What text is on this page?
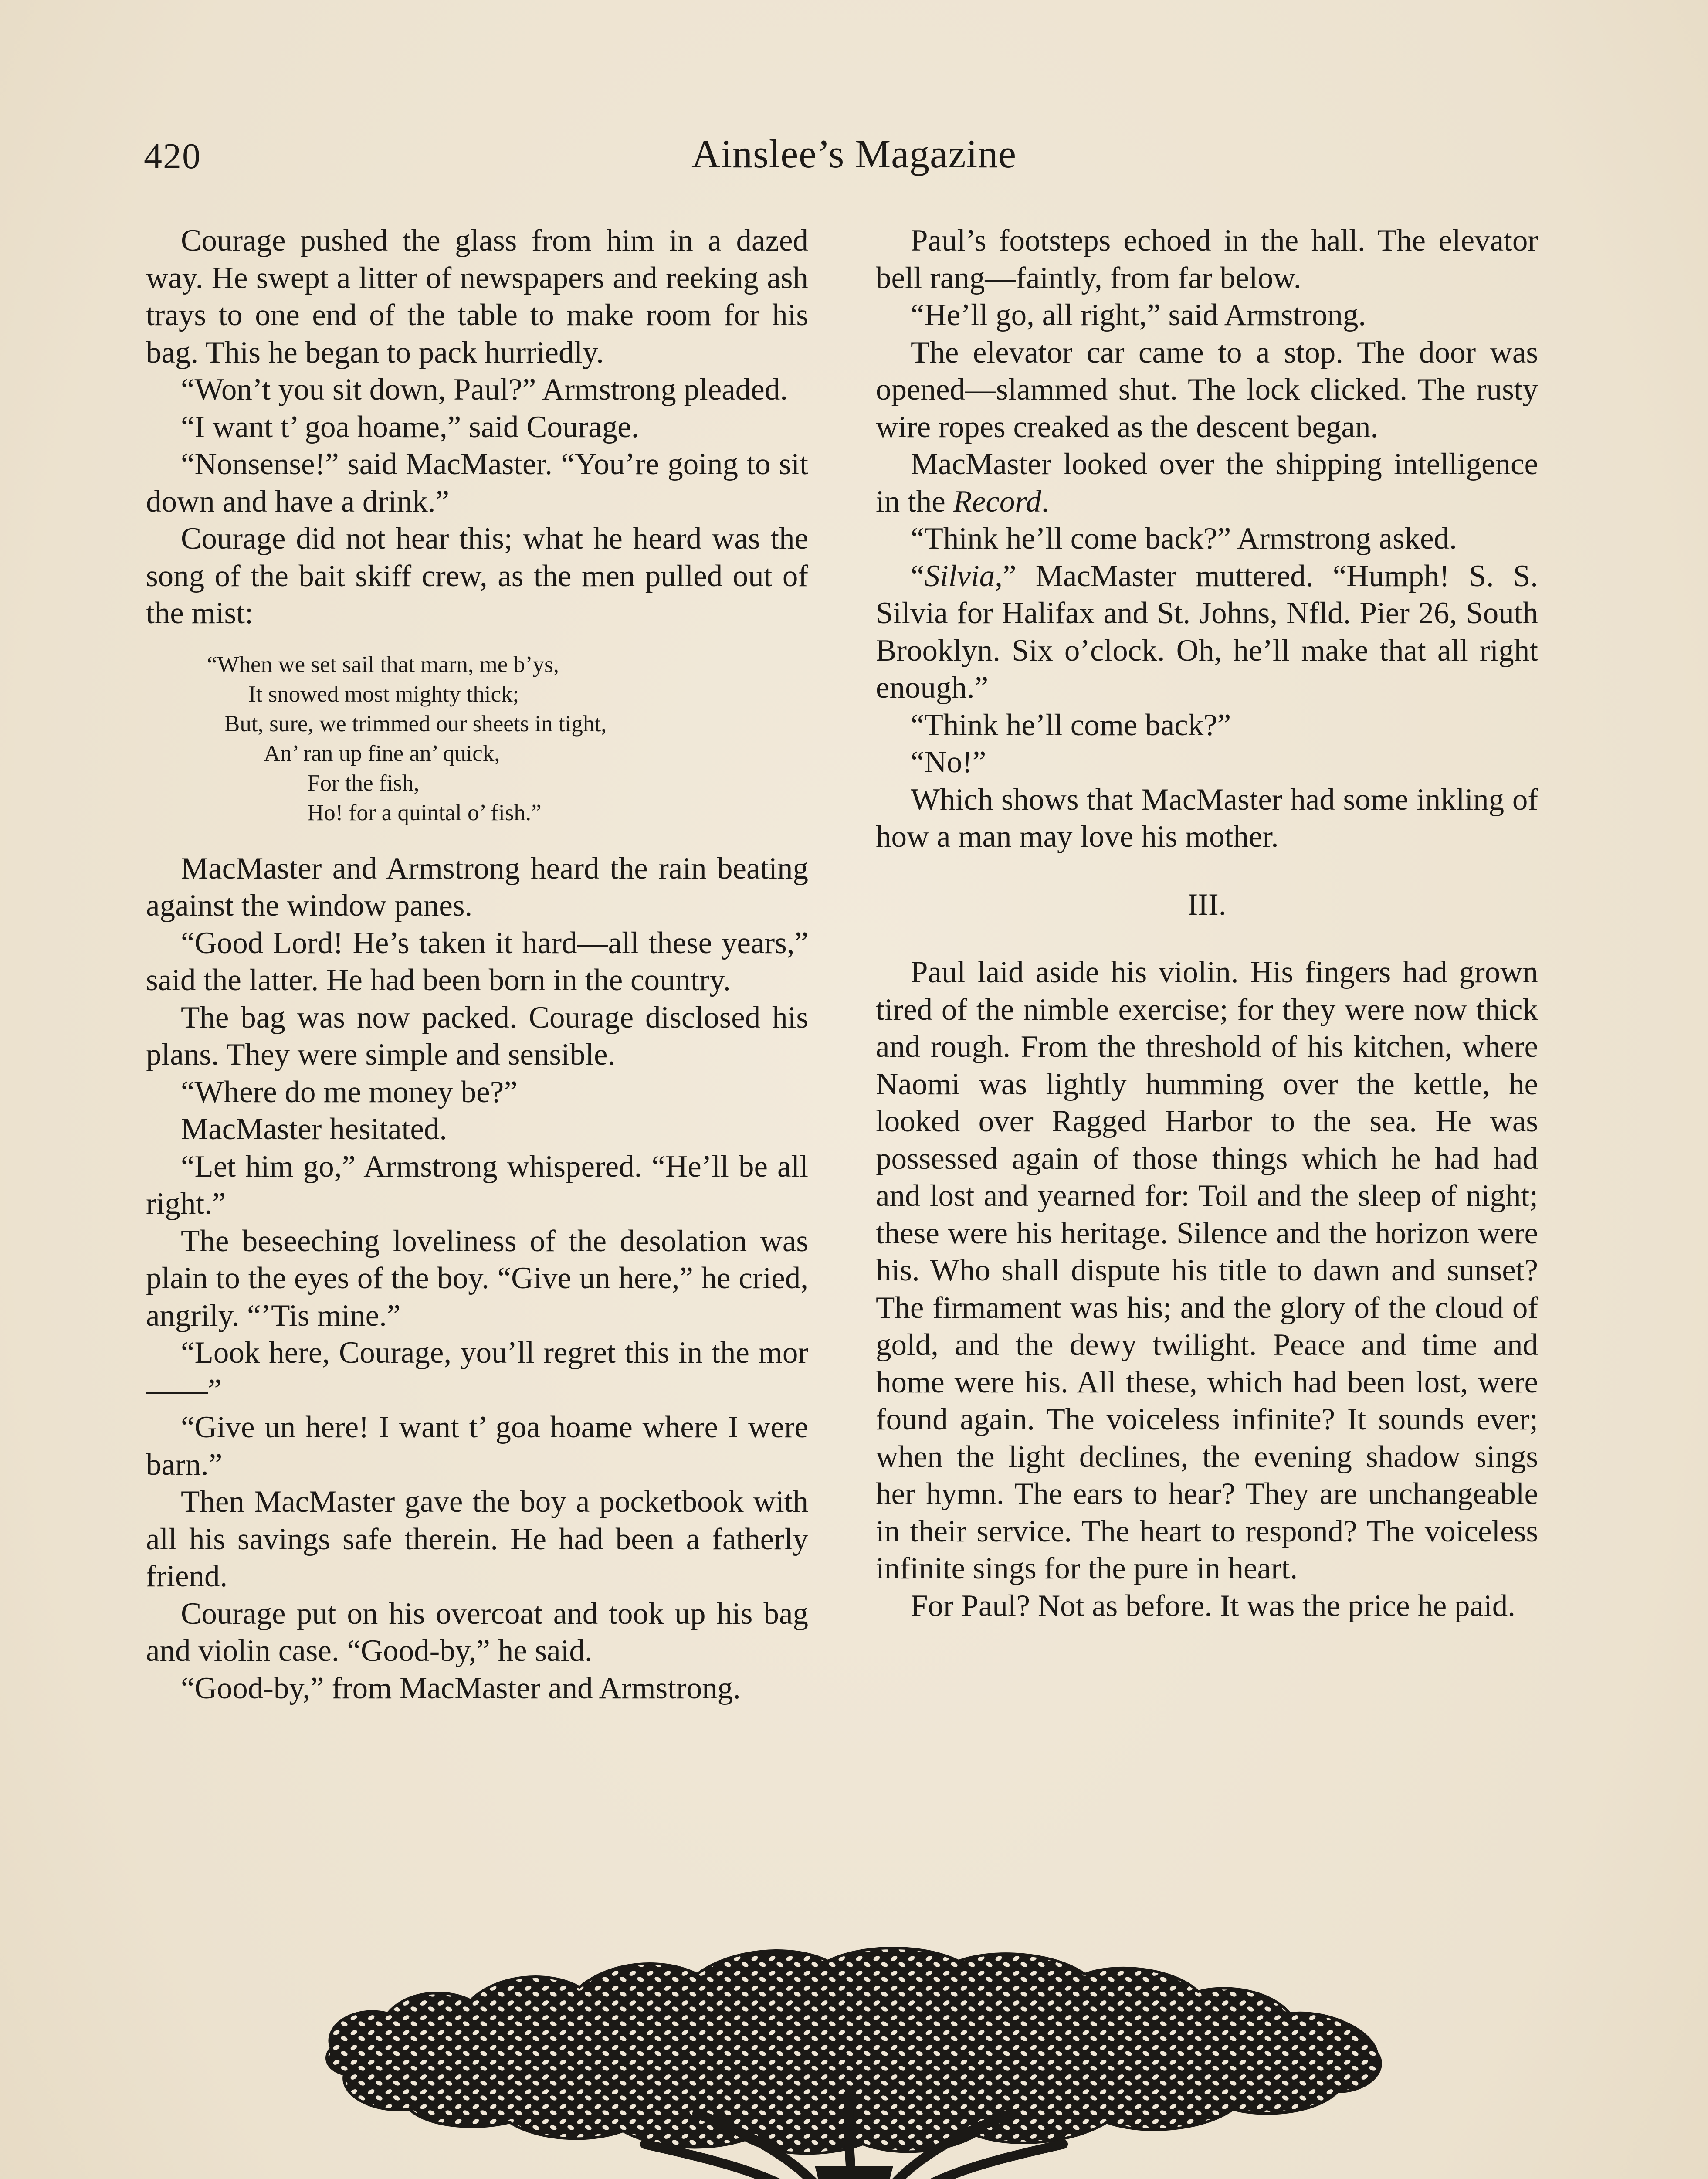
420	Ainslee’s Magazine

Courage pushed the glass from him in a dazed way. He swept a litter of newspapers and reeking ash trays to one end of the table to make room for his bag. This he began to pack hurriedly.

“Won’t you sit down, Paul?” Armstrong pleaded.

“I want t’ goa hoame,” said Courage.

“Nonsense!” said MacMaster. “You’re going to sit down and have a drink.”

Courage did not hear this; what he heard was the song of the bait skiff crew, as the men pulled out of the mist:

“When we set sail that marn, me b’ys,
It snowed most mighty thick;
But, sure, we trimmed our sheets in tight,
An’ ran up fine an’ quick,
For the fish,
Ho! for a quintal o’ fish.”

MacMaster and Armstrong heard the rain beating against the window panes.

“Good Lord! He’s taken it hard—all these years,” said the latter. He had been born in the country.

The bag was now packed. Courage disclosed his plans. They were simple and sensible.

“Where do me money be?”

MacMaster hesitated.

“Let him go,” Armstrong whispered. “He’ll be all right.”

The beseeching loveliness of the desolation was plain to the eyes of the boy. “Give un here,” he cried, angrily. “’Tis mine.”

“Look here, Courage, you’ll regret this in the mor——”

“Give un here! I want t’ goa hoame where I were barn.”

Then MacMaster gave the boy a pocketbook with all his savings safe therein. He had been a fatherly friend.

Courage put on his overcoat and took up his bag and violin case. “Good-by,” he said.

“Good-by,” from MacMaster and Armstrong.

Paul’s footsteps echoed in the hall. The elevator bell rang—faintly, from far below.

“He’ll go, all right,” said Armstrong.

The elevator car came to a stop. The door was opened—slammed shut. The lock clicked. The rusty wire ropes creaked as the descent began.

MacMaster looked over the shipping intelligence in the Record.

“Think he’ll come back?” Armstrong asked.

“Silvia,” MacMaster muttered. “Humph! S. S. Silvia for Halifax and St. Johns, Nfld. Pier 26, South Brooklyn. Six o’clock. Oh, he’ll make that all right enough.”

“Think he’ll come back?”

“No!”

Which shows that MacMaster had some inkling of how a man may love his mother.

III.

Paul laid aside his violin. His fingers had grown tired of the nimble exercise; for they were now thick and rough. From the threshold of his kitchen, where Naomi was lightly humming over the kettle, he looked over Ragged Harbor to the sea. He was possessed again of those things which he had had and lost and yearned for: Toil and the sleep of night; these were his heritage. Silence and the horizon were his. Who shall dispute his title to dawn and sunset? The firmament was his; and the glory of the cloud of gold, and the dewy twilight. Peace and time and home were his. All these, which had been lost, were found again. The voiceless infinite? It sounds ever; when the light declines, the evening shadow sings her hymn. The ears to hear? They are unchangeable in their service. The heart to respond? The voiceless infinite sings for the pure in heart.

For Paul? Not as before. It was the price he paid.
